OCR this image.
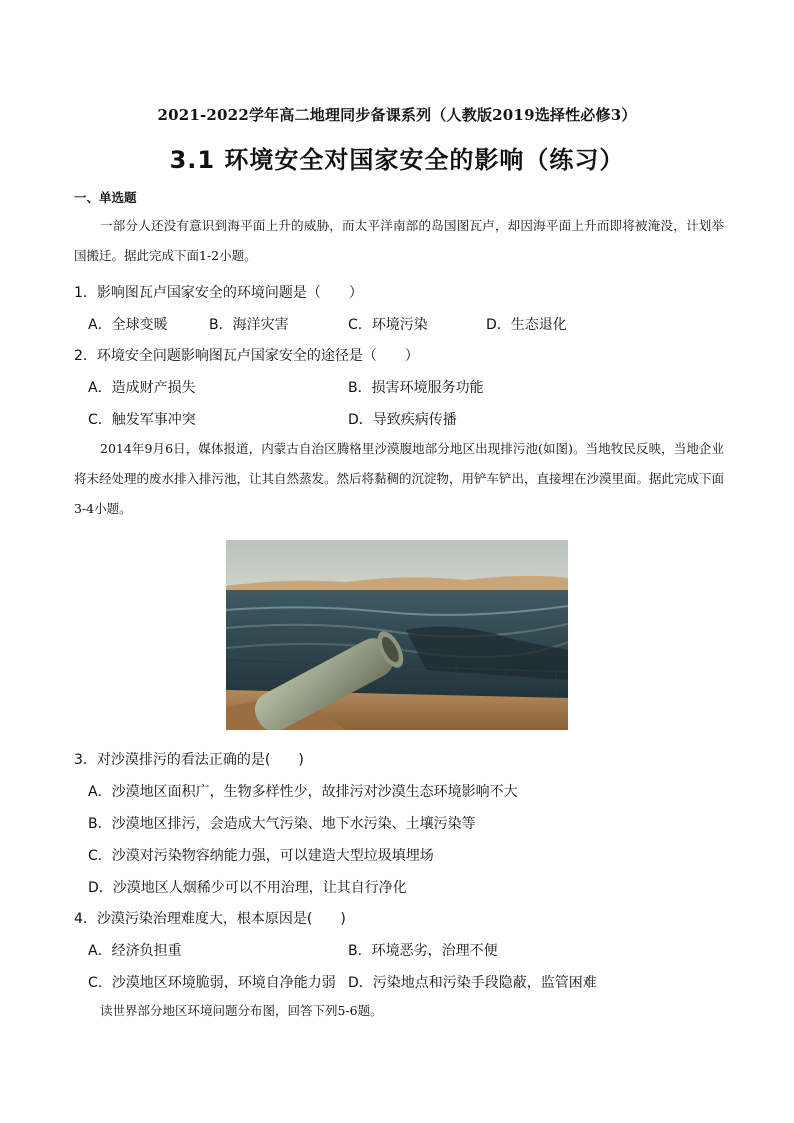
2021-2022学年高二地理同步备课系列（人教版2019选择性必修3）
3.1 环境安全对国家安全的影响（练习）
一、单选题
一部分人还没有意识到海平面上升的威胁，而太平洋南部的岛国图瓦卢，却因海平面上升而即将被淹没，计划举国搬迁。据此完成下面1-2小题。
1．影响图瓦卢国家安全的环境问题是（　　）
A．全球变暖	B．海洋灾害	C．环境污染	D．生态退化
2．环境安全问题影响图瓦卢国家安全的途径是（　　）
A．造成财产损失	B．损害环境服务功能
C．触发军事冲突	D．导致疾病传播
2014年9月6日，媒体报道，内蒙古自治区腾格里沙漠腹地部分地区出现排污池(如图)。当地牧民反映，当地企业将未经处理的废水排入排污池，让其自然蒸发。然后将黏稠的沉淀物，用铲车铲出，直接埋在沙漠里面。据此完成下面3-4小题。
3．对沙漠排污的看法正确的是(　　)
A．沙漠地区面积广，生物多样性少，故排污对沙漠生态环境影响不大
B．沙漠地区排污，会造成大气污染、地下水污染、土壤污染等
C．沙漠对污染物容纳能力强，可以建造大型垃圾填埋场
D．沙漠地区人烟稀少可以不用治理，让其自行净化
4．沙漠污染治理难度大，根本原因是(　　)
A．经济负担重	B．环境恶劣，治理不便
C．沙漠地区环境脆弱，环境自净能力弱 D．污染地点和污染手段隐蔽，监管困难
读世界部分地区环境问题分布图，回答下列5-6题。
